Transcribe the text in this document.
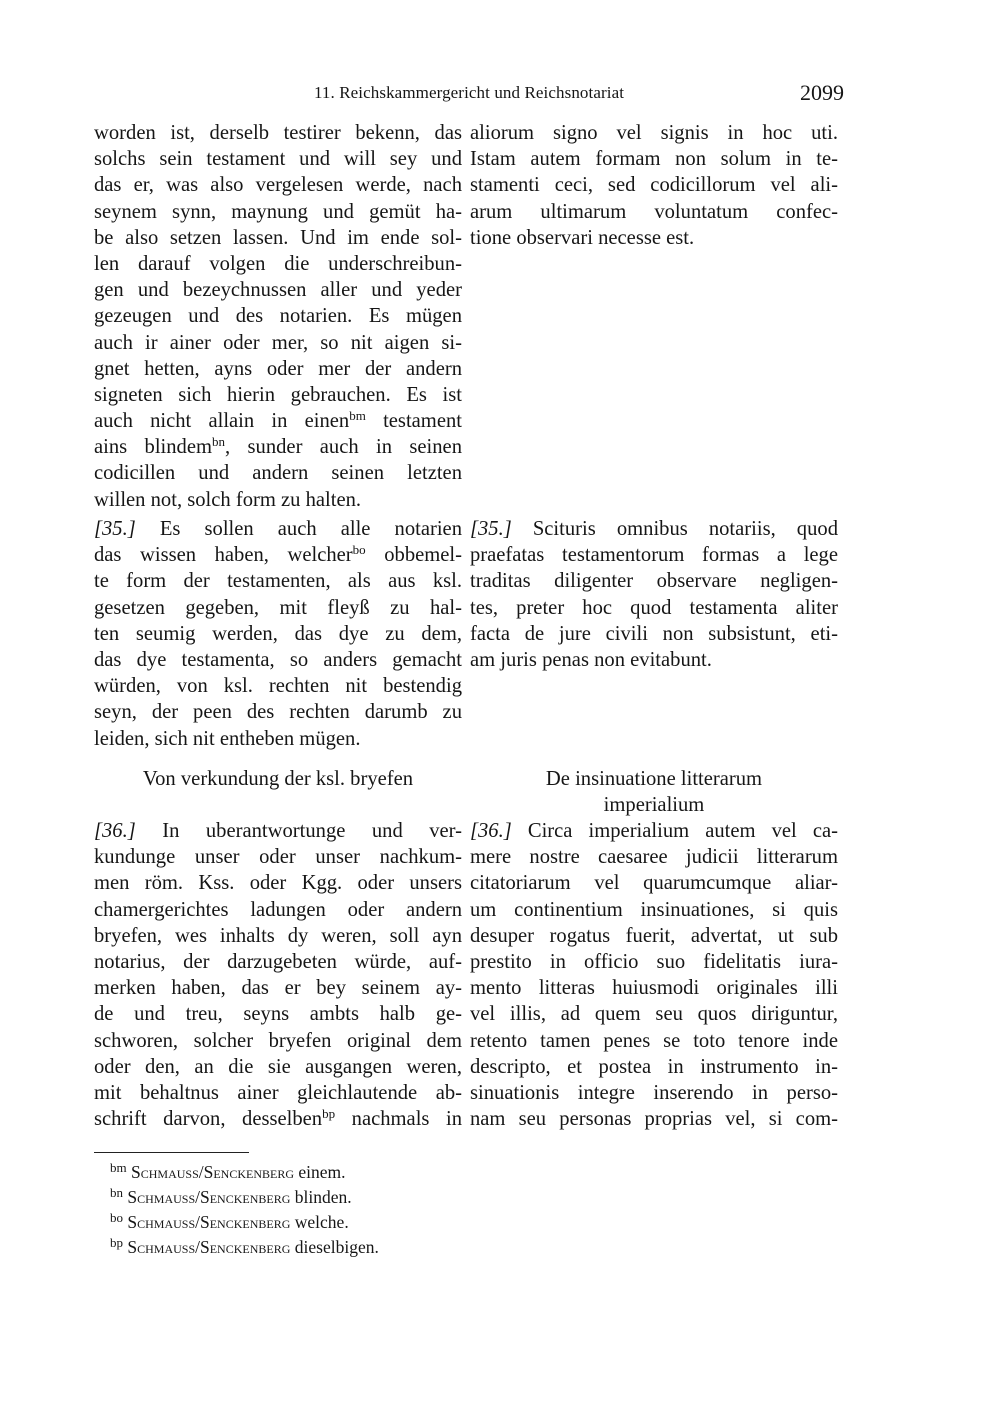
11. Reichskammergericht und Reichsnotariat	2099
worden ist, derselb testirer bekenn, das
solchs sein testament und will sey und
das er, was also vergelesen werde, nach
seynem synn, maynung und gemüt ha-
be also setzen lassen. Und im ende sol-
len darauf volgen die underschreibun-
gen und bezeychnussen aller und yeder
gezeugen und des notarien. Es mügen
auch ir ainer oder mer, so nit aigen si-
gnet hetten, ayns oder mer der andern
signeten sich hierin gebrauchen. Es ist
auch nicht allain in einen$^{bm}$ testament
ains blindem$^{bn}$, sunder auch in seinen
codicillen und andern seinen letzten
willen not, solch form zu halten.
[35.] Es sollen auch alle notarien
das wissen haben, welcher$^{bo}$ obbemel-
te form der testamenten, als aus ksl.
gesetzen gegeben, mit fleyß zu hal-
ten seumig werden, das dye zu dem,
das dye testamenta, so anders gemacht
würden, von ksl. rechten nit bestendig
seyn, der peen des rechten darumb zu
leiden, sich nit entheben mügen.
Von verkundung der ksl. bryefen
[36.] In uberantwortunge und ver-
kundunge unser oder unser nachkum-
men röm. Kss. oder Kgg. oder unsers
chamergerichtes ladungen oder andern
bryefen, wes inhalts dy weren, soll ayn
notarius, der darzugebeten würde, auf-
merken haben, das er bey seinem ay-
de und treu, seyns ambts halb ge-
schworen, solcher bryefen original dem
oder den, an die sie ausgangen weren,
mit behaltnus ainer gleichlautende ab-
schrift darvon, desselben$^{bp}$ nachmals in
aliorum signo vel signis in hoc uti.
Istam autem formam non solum in te-
stamenti ceci, sed codicillorum vel ali-
arum ultimarum voluntatum confec-
tione observari necesse est.
[35.] Scituris omnibus notariis, quod
praefatas testamentorum formas a lege
traditas diligenter observare negligen-
tes, preter hoc quod testamenta aliter
facta de jure civili non subsistunt, eti-
am juris penas non evitabunt.
De insinuatione litterarum
imperialium
[36.] Circa imperialium autem vel ca-
mere nostre caesaree judicii litterarum
citatoriarum vel quarumcumque aliar-
um continentium insinuationes, si quis
desuper rogatus fuerit, advertat, ut sub
prestito in officio suo fidelitatis iura-
mento litteras huiusmodi originales illi
vel illis, ad quem seu quos diriguntur,
retento tamen penes se toto tenore inde
descripto, et postea in instrumento in-
sinuationis integre inserendo in perso-
nam seu personas proprias vel, si com-
$^{bm}$ Schmauss/Senckenberg einem.
$^{bn}$ Schmauss/Senckenberg blinden.
$^{bo}$ Schmauss/Senckenberg welche.
$^{bp}$ Schmauss/Senckenberg dieselbigen.
